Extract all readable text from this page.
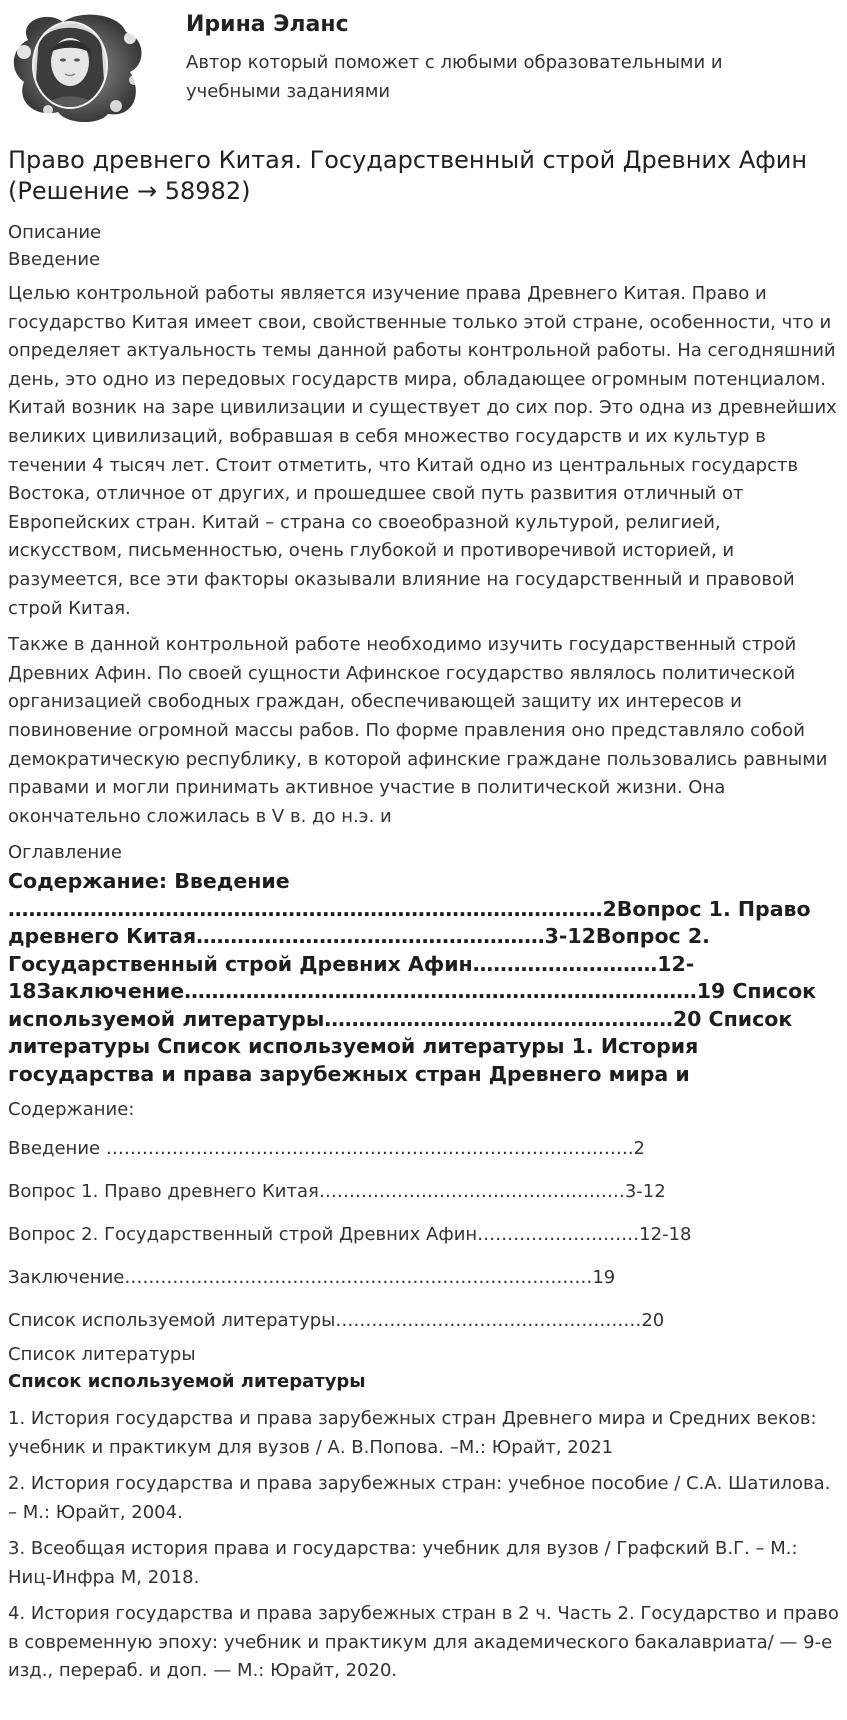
Ирина Эланс

Автор который поможет с любыми образовательными и учебными заданиями

Право древнего Китая. Государственный строй Древних Афин (Решение → 58982)

Описание

Введение

Целью контрольной работы является изучение права Древнего Китая. Право и государство Китая имеет свои, свойственные только этой стране, особенности, что и определяет актуальность темы данной работы контрольной работы. На сегодняшний день, это одно из передовых государств мира, обладающее огромным потенциалом. Китай возник на заре цивилизации и существует до сих пор. Это одна из древнейших великих цивилизаций, вобравшая в себя множество государств и их культур в течении 4 тысяч лет. Стоит отметить, что Китай одно из центральных государств Востока, отличное от других, и прошедшее свой путь развития отличный от Европейских стран. Китай – страна со своеобразной культурой, религией, искусством, письменностью, очень глубокой и противоречивой историей, и разумеется, все эти факторы оказывали влияние на государственный и правовой строй Китая.

Также в данной контрольной работе необходимо изучить государственный строй Древних Афин. По своей сущности Афинское государство являлось политической организацией свободных граждан, обеспечивающей защиту их интересов и повиновение огромной массы рабов. По форме правления оно представляло собой демократическую республику, в которой афинские граждане пользовались равными правами и могли принимать активное участие в политической жизни. Она окончательно сложилась в V в. до н.э. и

Оглавление

Содержание: Введение ……………………………………………………………………………2Вопрос 1. Право древнего Китая……………………………………………3-12Вопрос 2. Государственный строй Древних Афин………………………12-18Заключение…………………………………………………………………19 Список используемой литературы……………………………………………20 Список литературы Список используемой литературы 1. История государства и права зарубежных стран Древнего мира и

Содержание:

Введение …………………………………………………………………………….2

Вопрос 1. Право древнего Китая……………………………………………3-12

Вопрос 2. Государственный строй Древних Афин………………………12-18

Заключение……………………………………………………………………19

Список используемой литературы……………………………………………20

Список литературы

Список используемой литературы

1. История государства и права зарубежных стран Древнего мира и Средних веков: учебник и практикум для вузов / А. В.Попова. –М.: Юрайт, 2021

2. История государства и права зарубежных стран: учебное пособие / С.А. Шатилова. – М.: Юрайт, 2004.

3. Всеобщая история права и государства: учебник для вузов / Графский В.Г. – М.: Ниц-Инфра М, 2018.

4. История государства и права зарубежных стран в 2 ч. Часть 2. Государство и право в современную эпоху: учебник и практикум для академического бакалавриата/ — 9-е изд., перераб. и доп. — М.: Юрайт, 2020.
